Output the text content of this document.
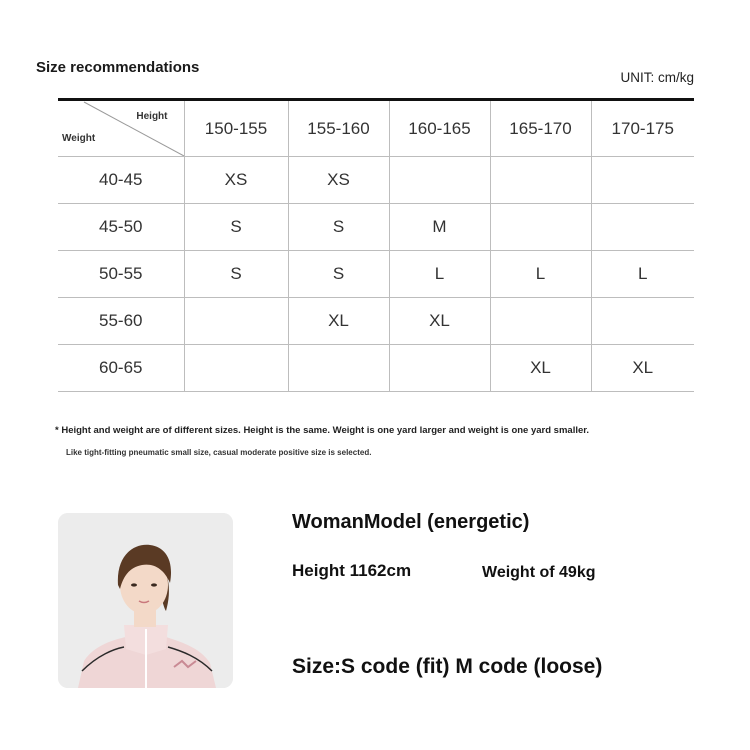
Size recommendations
UNIT: cm/kg
Height
Weight	150-155	155-160	160-165	165-170	170-175
40-45	XS	XS			
45-50	S	S	M		
50-55	S	S	L	L	L
55-60		XL	XL		
60-65				XL	XL
* Height and weight are of different sizes. Height is the same. Weight is one yard larger and weight is one yard smaller.
Like tight-fitting pneumatic small size, casual moderate positive size is selected.
WomanModel (energetic)
Height 1162cm	Weight of 49kg
Size:S code (fit) M code (loose)
